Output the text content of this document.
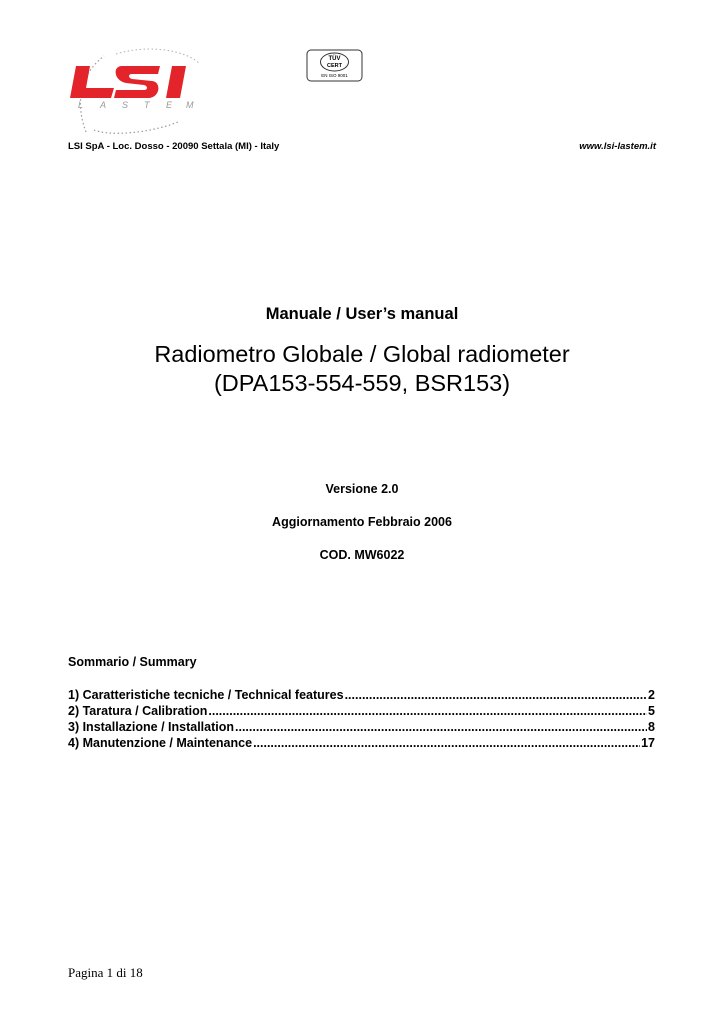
L A S T E M
TÜV
CERT
EN ISO 9001
LSI SpA - Loc. Dosso - 20090 Settala (MI) - Italy	www.lsi-lastem.it
Manuale / User’s manual
Radiometro Globale / Global radiometer
(DPA153-554-559, BSR153)
Versione 2.0
Aggiornamento Febbraio 2006
COD. MW6022
Sommario / Summary
1) Caratteristiche tecniche / Technical features .....	2
2) Taratura / Calibration .....	5
3) Installazione / Installation .....	8
4) Manutenzione / Maintenance .....	17
Pagina 1 di 18
